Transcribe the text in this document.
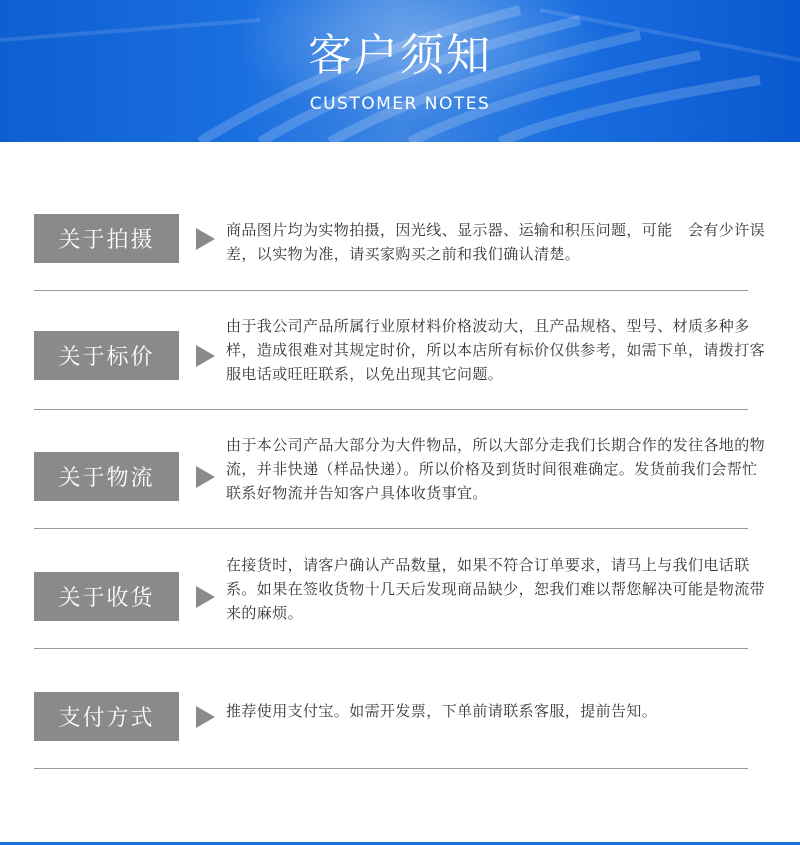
客户须知
CUSTOMER NOTES
关于拍摄	商品图片均为实物拍摄，因光线、显示器、运输和积压问题，可能　会有少许误差，以实物为准，请买家购买之前和我们确认清楚。
关于标价
由于我公司产品所属行业原材料价格波动大，且产品规格、型号、材质多种多样，造成很难对其规定时价，所以本店所有标价仅供参考，如需下单，请拨打客服电话或旺旺联系，以免出现其它问题。
关于物流
由于本公司产品大部分为大件物品，所以大部分走我们长期合作的发往各地的物流，并非快递（样品快递）。所以价格及到货时间很难确定。发货前我们会帮忙联系好物流并告知客户具体收货事宜。
关于收货
在接货时，请客户确认产品数量，如果不符合订单要求，请马上与我们电话联系。如果在签收货物十几天后发现商品缺少，恕我们难以帮您解决可能是物流带来的麻烦。
支付方式	推荐使用支付宝。如需开发票，下单前请联系客服，提前告知。
